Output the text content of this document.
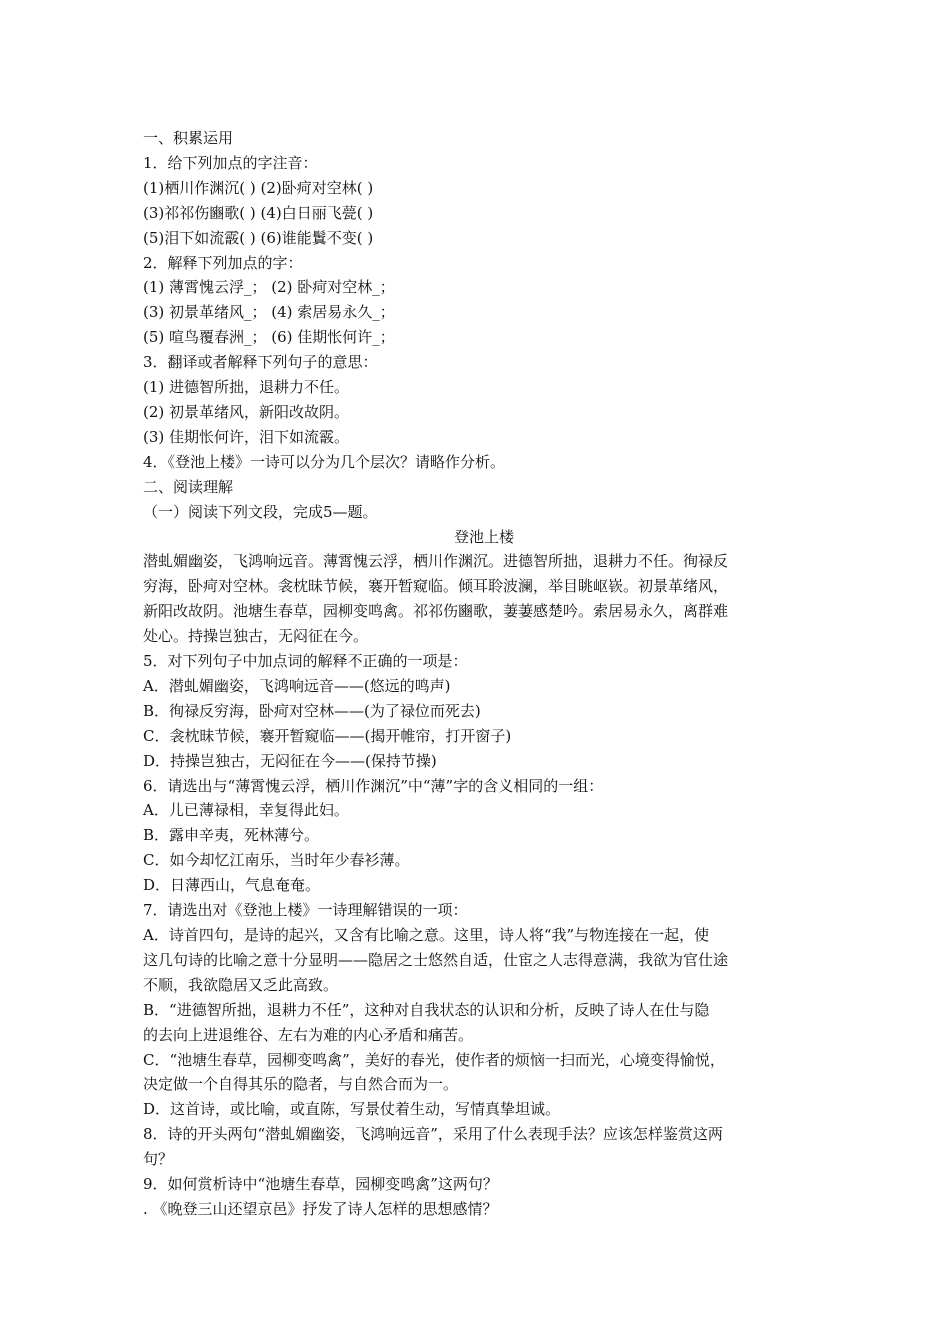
一、积累运用

1．给下列加点的字注音：

(1)栖川作渊沉( ) (2)卧疴对空林( )

(3)祁祁伤豳歌( ) (4)白日丽飞甍( )

(5)泪下如流霰( ) (6)谁能鬒不变( )

2．解释下列加点的字：

(1) 薄霄愧云浮_； (2) 卧疴对空林_；

(3) 初景革绪风_； (4) 索居易永久_；

(5) 喧鸟覆春洲_； (6) 佳期怅何许_；

3．翻译或者解释下列句子的意思：

(1) 进德智所拙，退耕力不任。

(2) 初景革绪风，新阳改故阴。

(3) 佳期怅何许，泪下如流霰。

4．《登池上楼》一诗可以分为几个层次？请略作分析。

二、阅读理解

（一）阅读下列文段，完成5—题。

登池上楼

潜虬媚幽姿，飞鸿响远音。薄霄愧云浮，栖川作渊沉。进德智所拙，退耕力不任。徇禄反

穷海，卧疴对空林。衾枕昧节候，褰开暂窥临。倾耳聆波澜，举目眺岖嵚。初景革绪风，

新阳改故阴。池塘生春草，园柳变鸣禽。祁祁伤豳歌，萋萋感楚吟。索居易永久，离群难

处心。持操岂独古，无闷征在今。

5．对下列句子中加点词的解释不正确的一项是：

A．潜虬媚幽姿，飞鸿响远音——(悠远的鸣声)

B．徇禄反穷海，卧疴对空林——(为了禄位而死去)

C．衾枕昧节候，褰开暂窥临——(揭开帷帘，打开窗子)

D．持操岂独古，无闷征在今——(保持节操)

6．请选出与“薄霄愧云浮，栖川作渊沉”中“薄”字的含义相同的一组：

A．儿已薄禄相，幸复得此妇。

B．露申辛夷，死林薄兮。

C．如今却忆江南乐，当时年少春衫薄。

D．日薄西山，气息奄奄。

7．请选出对《登池上楼》一诗理解错误的一项：

A．诗首四句，是诗的起兴，又含有比喻之意。这里，诗人将“我”与物连接在一起，使

这几句诗的比喻之意十分显明——隐居之士悠然自适，仕宦之人志得意满，我欲为官仕途

不顺，我欲隐居又乏此高致。

B．“进德智所拙，退耕力不任”，这种对自我状态的认识和分析，反映了诗人在仕与隐

的去向上进退维谷、左右为难的内心矛盾和痛苦。

C．“池塘生春草，园柳变鸣禽”，美好的春光，使作者的烦恼一扫而光，心境变得愉悦，

决定做一个自得其乐的隐者，与自然合而为一。

D．这首诗，或比喻，或直陈，写景仗着生动，写情真挚坦诚。

8．诗的开头两句“潜虬媚幽姿，飞鸿响远音”，采用了什么表现手法？应该怎样鉴赏这两

句？

9．如何赏析诗中“池塘生春草，园柳变鸣禽”这两句？

. 《晚登三山还望京邑》抒发了诗人怎样的思想感情？
